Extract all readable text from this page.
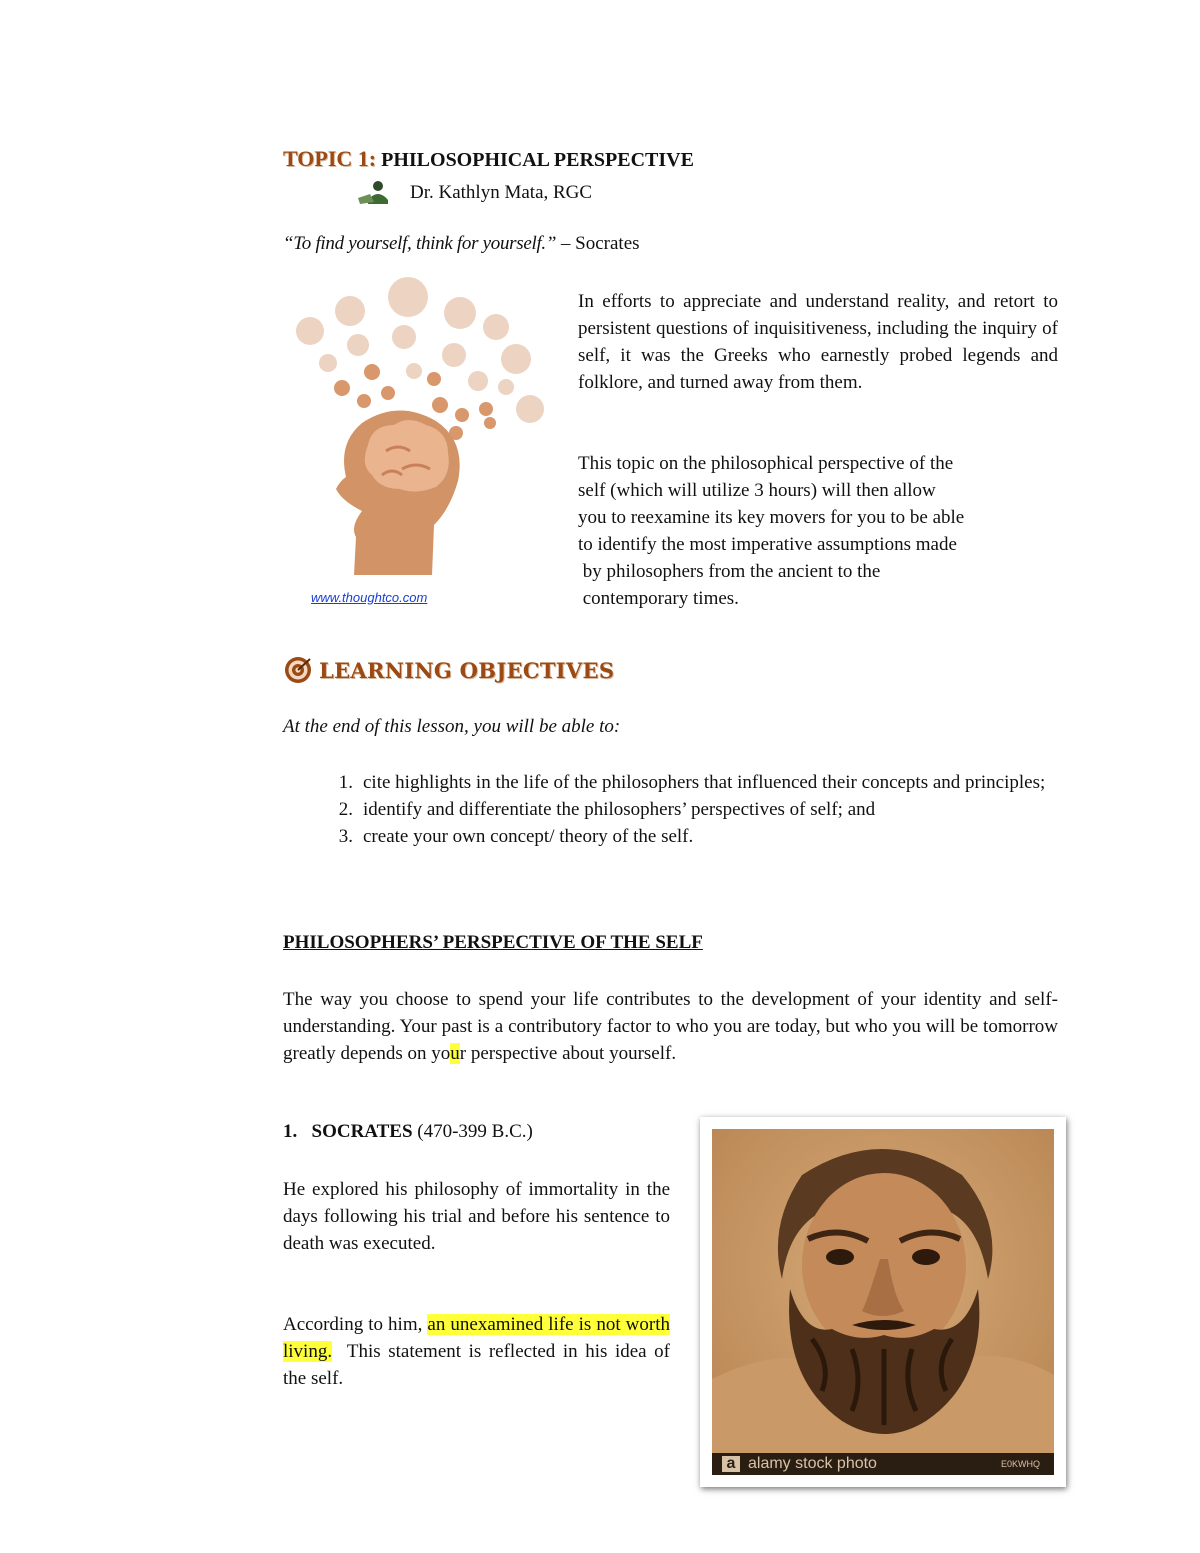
TOPIC 1: PHILOSOPHICAL PERSPECTIVE
Dr. Kathlyn Mata, RGC
“To find yourself, think for yourself.” – Socrates
www.thoughtco.com
In efforts to appreciate and understand reality, and retort to persistent questions of inquisitiveness, including the inquiry of self, it was the Greeks who earnestly probed legends and folklore, and turned away from them.
This topic on the philosophical perspective of the
self (which will utilize 3 hours) will then allow
you to reexamine its key movers for you to be able
to identify the most imperative assumptions made
by philosophers from the ancient to the
contemporary times.
LEARNING OBJECTIVES
At the end of this lesson, you will be able to:
1. cite highlights in the life of the philosophers that influenced their concepts and principles;
2. identify and differentiate the philosophers’ perspectives of self; and
3. create your own concept/ theory of the self.
PHILOSOPHERS’ PERSPECTIVE OF THE SELF
The way you choose to spend your life contributes to the development of your identity and self-understanding. Your past is a contributory factor to who you are today, but who you will be tomorrow greatly depends on your perspective about yourself.
1. SOCRATES (470-399 B.C.)
He explored his philosophy of immortality in the days following his trial and before his sentence to death was executed.
According to him, an unexamined life is not worth living.  This statement is reflected in his idea of the self.
a alamy stock photo	E0KWHQ
